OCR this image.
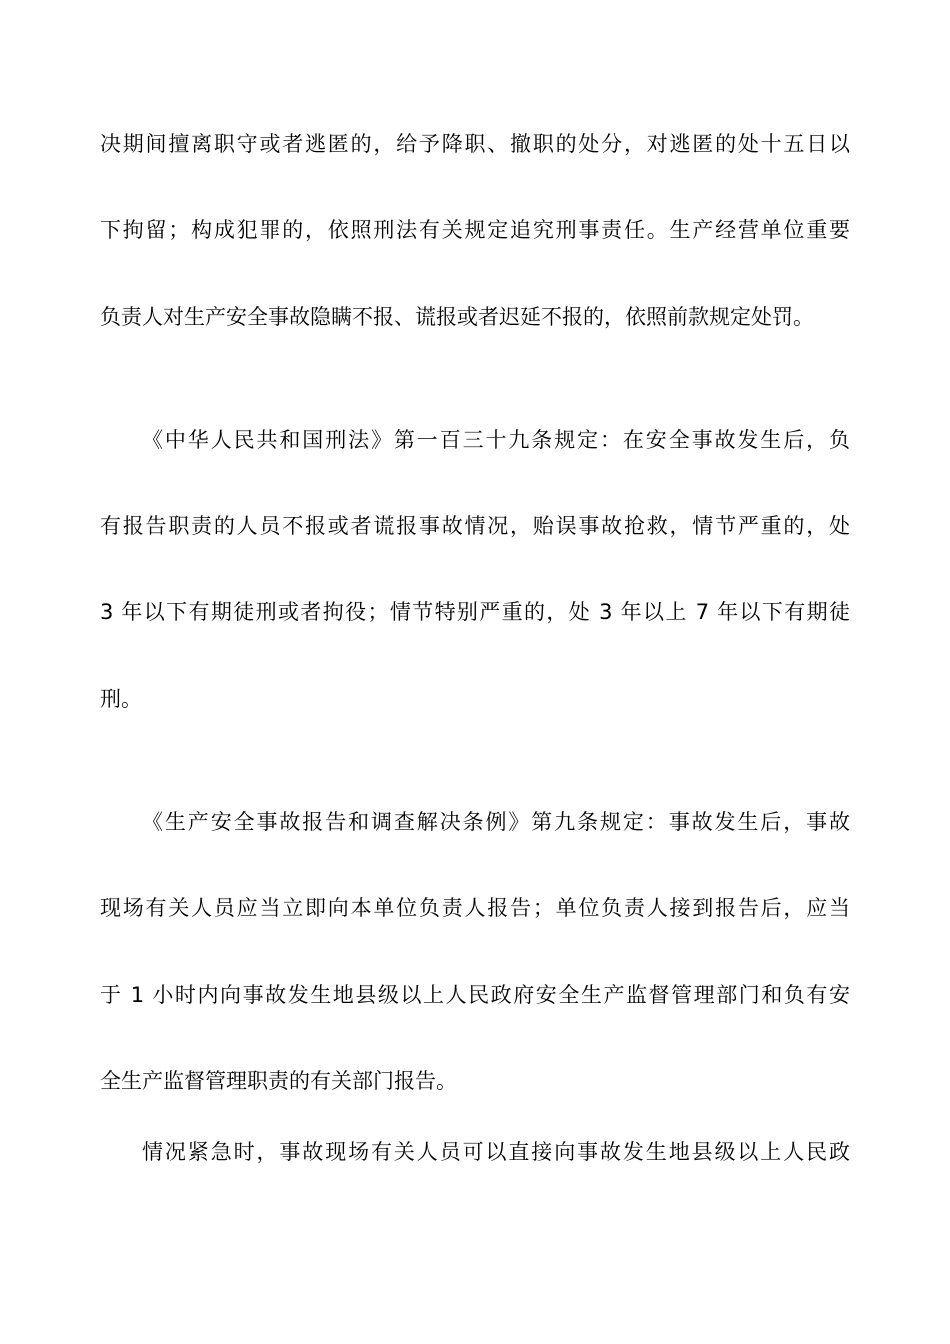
决期间擅离职守或者逃匿的，给予降职、撤职的处分，对逃匿的处十五日以
下拘留；构成犯罪的，依照刑法有关规定追究刑事责任。生产经营单位重要
负责人对生产安全事故隐瞒不报、谎报或者迟延不报的，依照前款规定处罚。
《中华人民共和国刑法》第一百三十九条规定：在安全事故发生后，负
有报告职责的人员不报或者谎报事故情况，贻误事故抢救，情节严重的，处
3 年以下有期徒刑或者拘役；情节特别严重的，处 3 年以上 7 年以下有期徒
刑。
《生产安全事故报告和调查解决条例》第九条规定：事故发生后，事故
现场有关人员应当立即向本单位负责人报告；单位负责人接到报告后，应当
于 1 小时内向事故发生地县级以上人民政府安全生产监督管理部门和负有安
全生产监督管理职责的有关部门报告。
情况紧急时，事故现场有关人员可以直接向事故发生地县级以上人民政
